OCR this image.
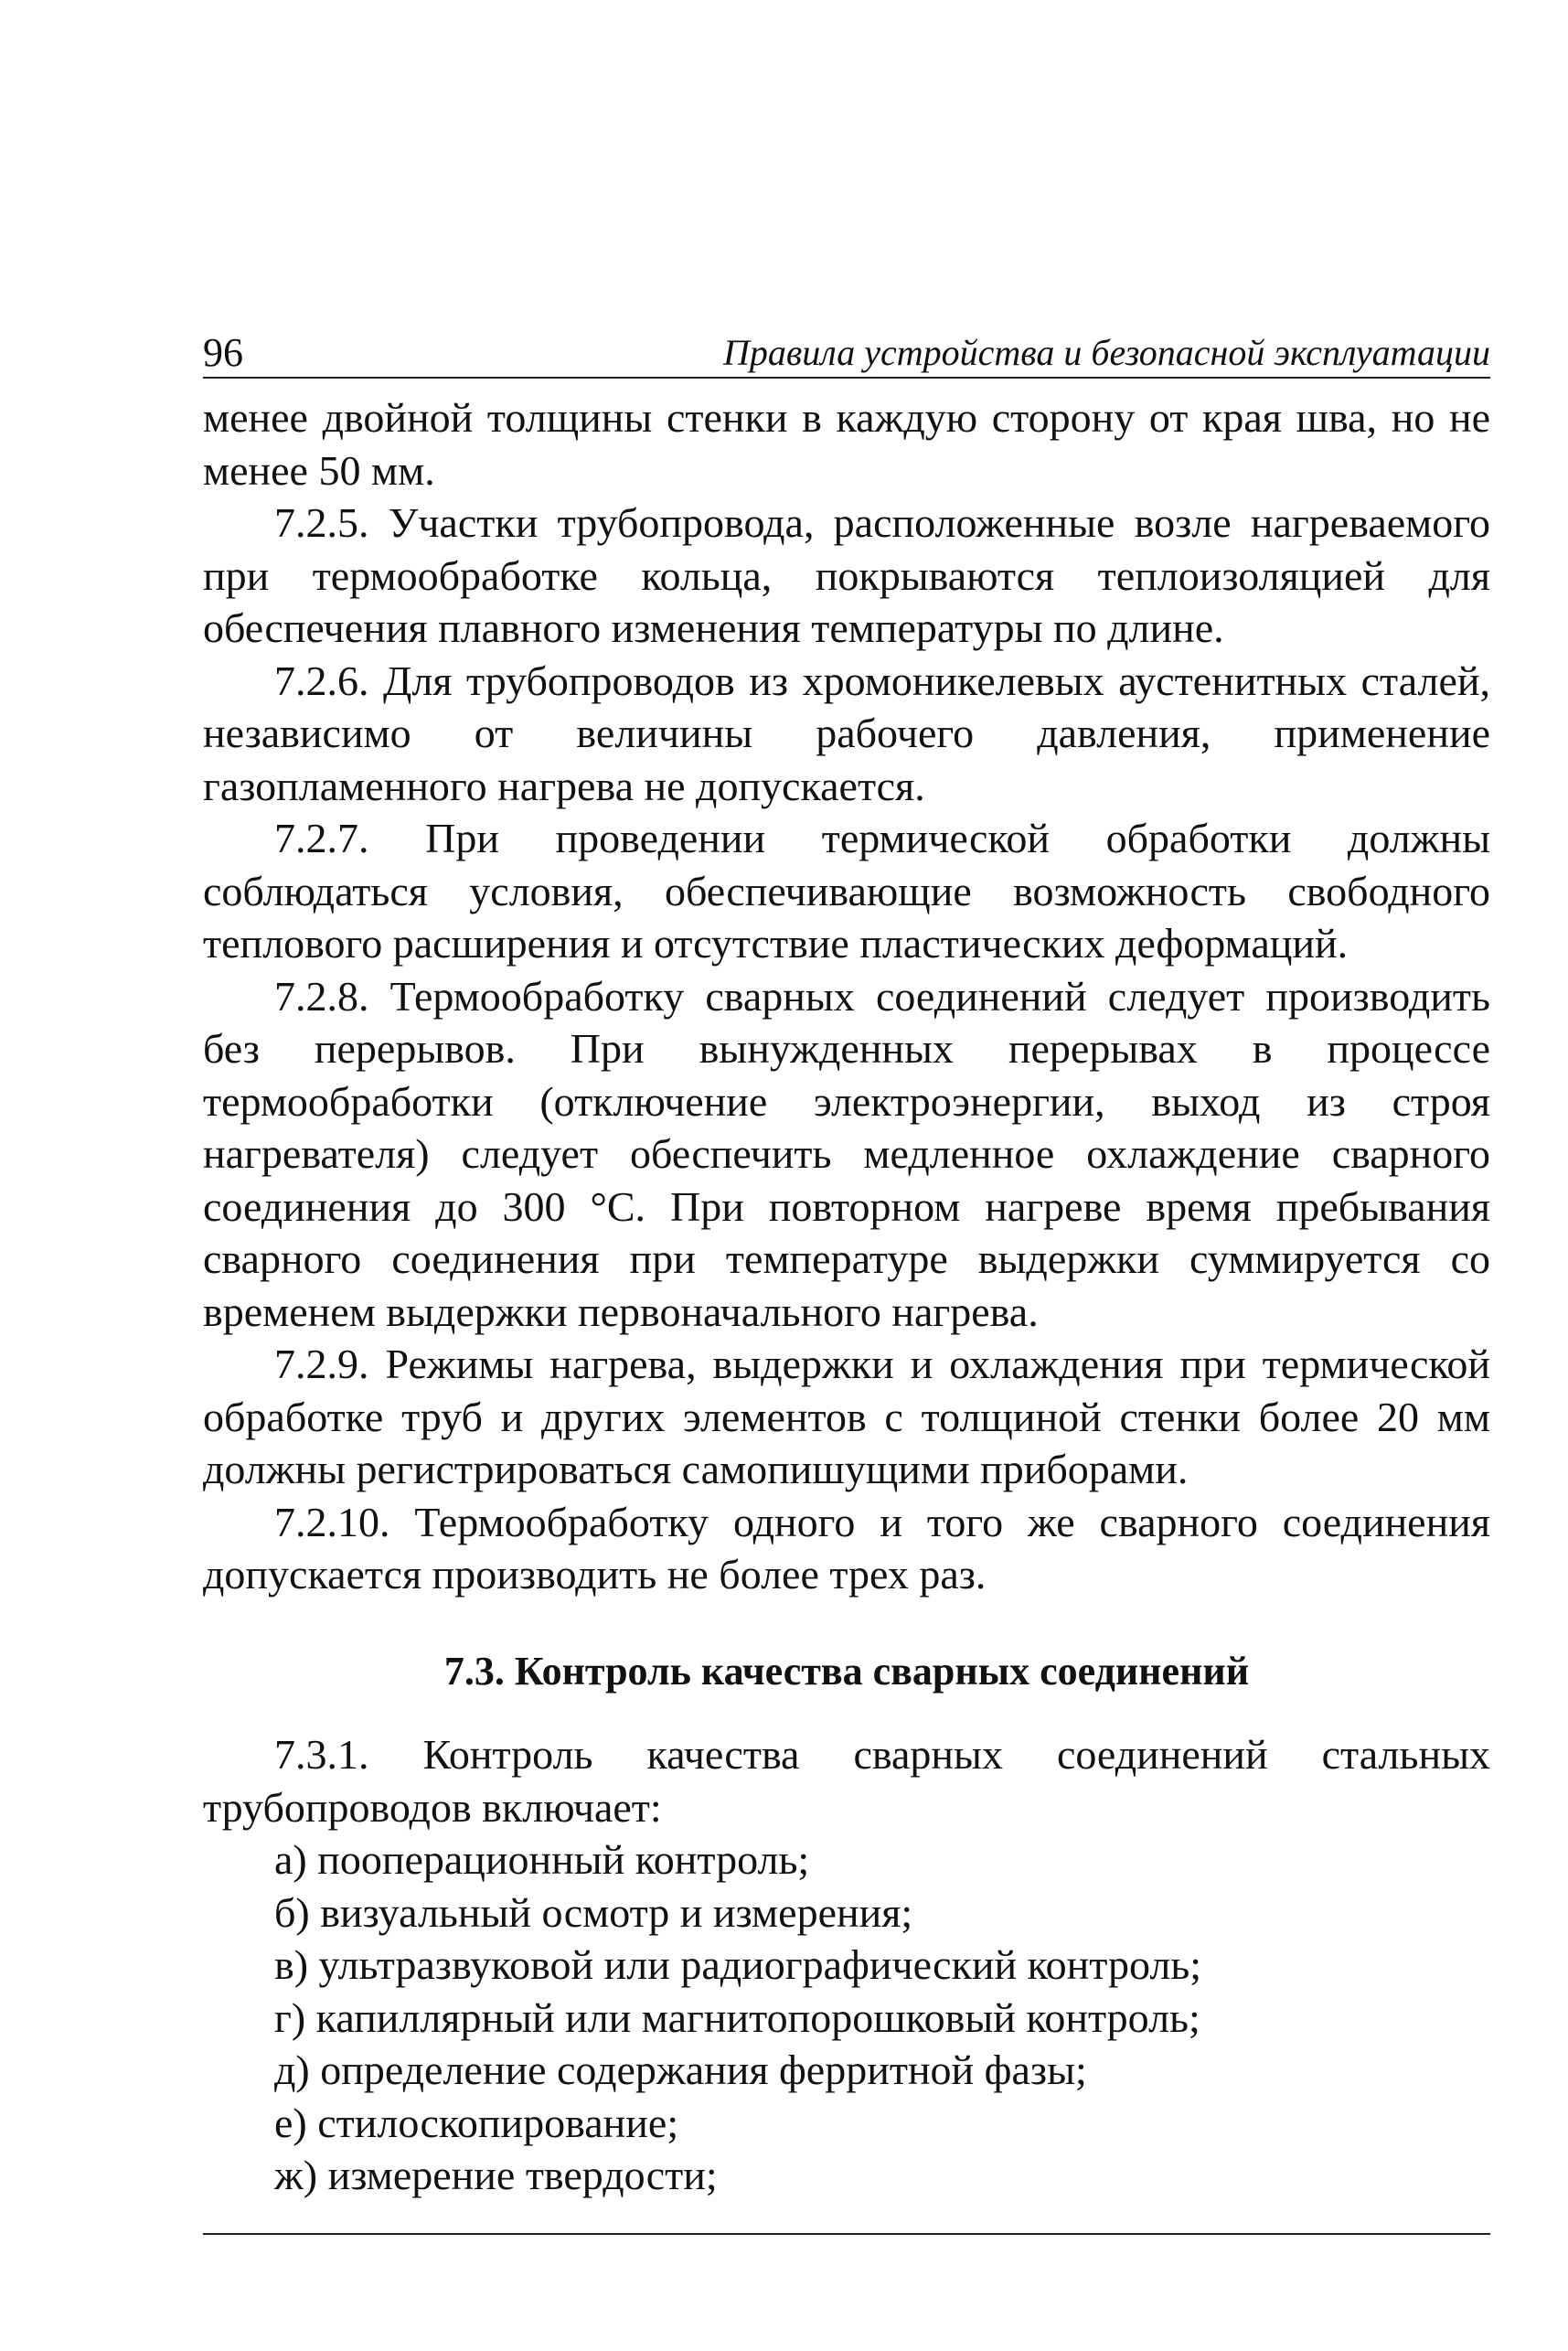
96	Правила устройства и безопасной эксплуатации

менее двойной толщины стенки в каждую сторону от края шва, но не менее 50 мм.

7.2.5. Участки трубопровода, расположенные возле нагреваемого при термообработке кольца, покрываются теплоизоляцией для обеспечения плавного изменения температуры по длине.

7.2.6. Для трубопроводов из хромоникелевых аустенитных сталей, независимо от величины рабочего давления, применение газопламенного нагрева не допускается.

7.2.7. При проведении термической обработки должны соблюдаться условия, обеспечивающие возможность свободного теплового расширения и отсутствие пластических деформаций.

7.2.8. Термообработку сварных соединений следует производить без перерывов. При вынужденных перерывах в процессе термообработки (отключение электроэнергии, выход из строя нагревателя) следует обеспечить медленное охлаждение сварного соединения до 300 °С. При повторном нагреве время пребывания сварного соединения при температуре выдержки суммируется со временем выдержки первоначального нагрева.

7.2.9. Режимы нагрева, выдержки и охлаждения при термической обработке труб и других элементов с толщиной стенки более 20 мм должны регистрироваться самопишущими приборами.

7.2.10. Термообработку одного и того же сварного соединения допускается производить не более трех раз.

7.3. Контроль качества сварных соединений

7.3.1. Контроль качества сварных соединений стальных трубопроводов включает:

а) пооперационный контроль;
б) визуальный осмотр и измерения;
в) ультразвуковой или радиографический контроль;
г) капиллярный или магнитопорошковый контроль;
д) определение содержания ферритной фазы;
е) стилоскопирование;
ж) измерение твердости;
